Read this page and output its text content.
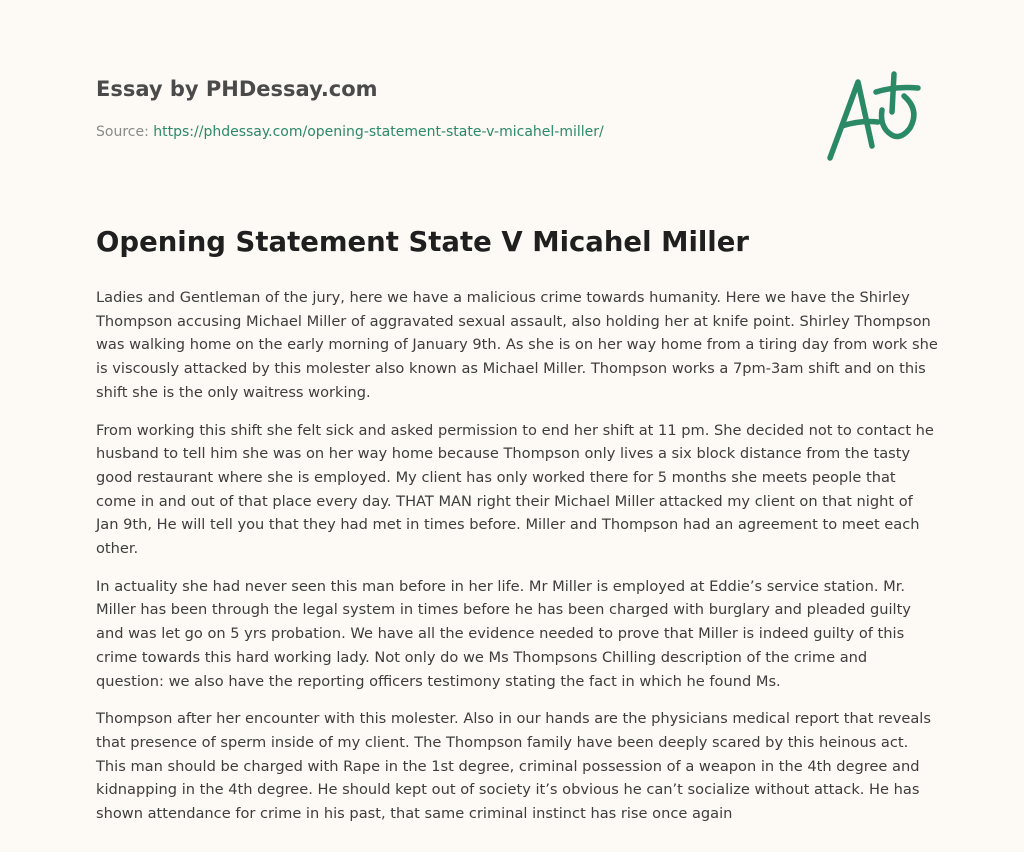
Essay by PHDessay.com
Source: https://phdessay.com/opening-statement-state-v-micahel-miller/
Opening Statement State V Micahel Miller

Ladies and Gentleman of the jury, here we have a malicious crime towards humanity. Here we have the Shirley Thompson accusing Michael Miller of aggravated sexual assault, also holding her at knife point. Shirley Thompson was walking home on the early morning of January 9th. As she is on her way home from a tiring day from work she is viscously attacked by this molester also known as Michael Miller. Thompson works a 7pm-3am shift and on this shift she is the only waitress working.

From working this shift she felt sick and asked permission to end her shift at 11 pm. She decided not to contact he husband to tell him she was on her way home because Thompson only lives a six block distance from the tasty good restaurant where she is employed. My client has only worked there for 5 months she meets people that come in and out of that place every day. THAT MAN right their Michael Miller attacked my client on that night of Jan 9th, He will tell you that they had met in times before. Miller and Thompson had an agreement to meet each other.

In actuality she had never seen this man before in her life. Mr Miller is employed at Eddie’s service station. Mr. Miller has been through the legal system in times before he has been charged with burglary and pleaded guilty and was let go on 5 yrs probation. We have all the evidence needed to prove that Miller is indeed guilty of this crime towards this hard working lady. Not only do we Ms Thompsons Chilling description of the crime and question: we also have the reporting officers testimony stating the fact in which he found Ms.

Thompson after her encounter with this molester. Also in our hands are the physicians medical report that reveals that presence of sperm inside of my client. The Thompson family have been deeply scared by this heinous act. This man should be charged with Rape in the 1st degree, criminal possession of a weapon in the 4th degree and kidnapping in the 4th degree. He should kept out of society it’s obvious he can’t socialize without attack. He has shown attendance for crime in his past, that same criminal instinct has rise once again
